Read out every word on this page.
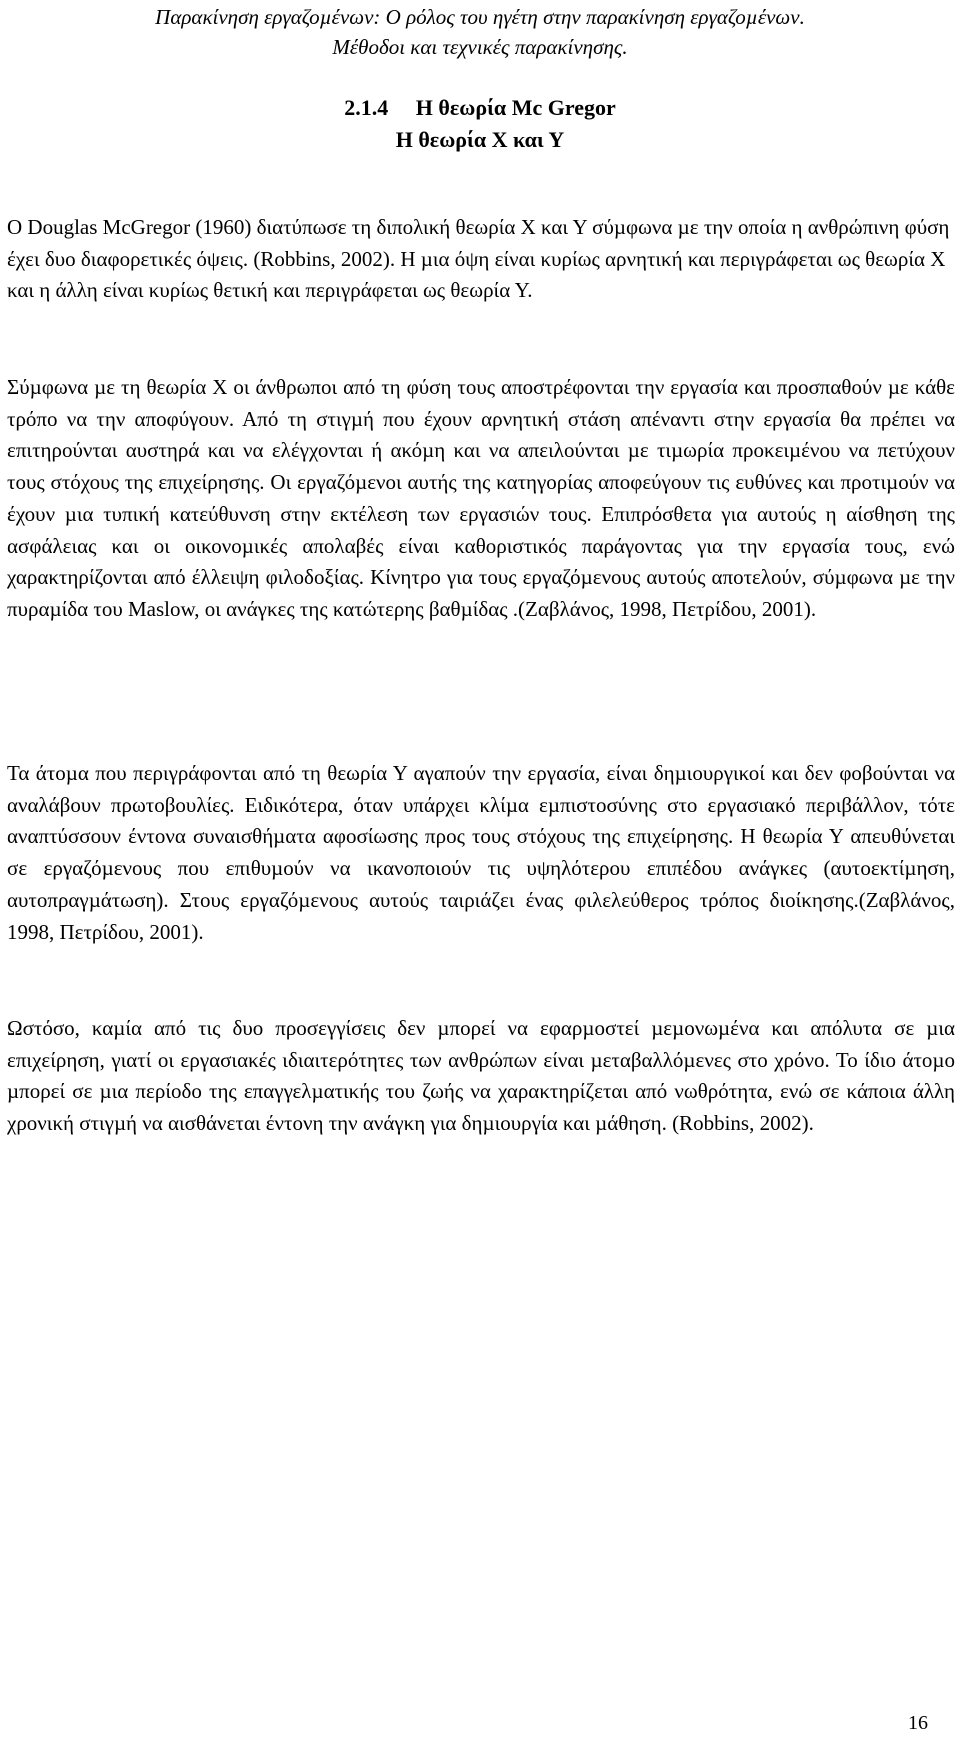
Παρακίνηση εργαζοµένων: Ο ρόλος του ηγέτη στην παρακίνηση εργαζοµένων.
Μέθοδοι και τεχνικές παρακίνησης.
2.1.4     Η θεωρία Mc Gregor
Η θεωρία Χ και Υ

Ο Douglas McGregor (1960) διατύπωσε τη διπολική θεωρία Χ και Υ σύµφωνα µε την οποία η ανθρώπινη φύση έχει δυο διαφορετικές όψεις. (Robbins, 2002). Η µια όψη είναι κυρίως αρνητική και περιγράφεται ως θεωρία Χ και η άλλη είναι κυρίως θετική και περιγράφεται ως θεωρία Υ.

Σύµφωνα µε τη θεωρία Χ οι άνθρωποι από τη φύση τους αποστρέφονται την εργασία και προσπαθούν µε κάθε τρόπο να την αποφύγουν. Από τη στιγµή που έχουν αρνητική στάση απέναντι στην εργασία θα πρέπει να επιτηρούνται αυστηρά και να ελέγχονται ή ακόµη και να απειλούνται µε τιµωρία προκειµένου να πετύχουν τους στόχους της επιχείρησης. Οι εργαζόµενοι αυτής της κατηγορίας αποφεύγουν τις ευθύνες και προτιµούν να έχουν µια τυπική κατεύθυνση στην εκτέλεση των εργασιών τους. Επιπρόσθετα για αυτούς η αίσθηση της ασφάλειας και οι οικονοµικές απολαβές είναι καθοριστικός παράγοντας για την εργασία τους, ενώ χαρακτηρίζονται από έλλειψη φιλοδοξίας. Κίνητρο για τους εργαζόµενους αυτούς αποτελούν, σύµφωνα µε την πυραµίδα του Maslow, οι ανάγκες της κατώτερης βαθµίδας .(Ζαβλάνος, 1998, Πετρίδου, 2001).

Τα άτοµα που περιγράφονται από τη θεωρία Υ αγαπούν την εργασία, είναι δηµιουργικοί και δεν φοβούνται να αναλάβουν πρωτοβουλίες. Ειδικότερα, όταν υπάρχει κλίµα εµπιστοσύνης στο εργασιακό περιβάλλον, τότε αναπτύσσουν έντονα συναισθήµατα αφοσίωσης προς τους στόχους της επιχείρησης. Η θεωρία Υ απευθύνεται σε εργαζόµενους που επιθυµούν να ικανοποιούν τις υψηλότερου επιπέδου ανάγκες (αυτοεκτίµηση, αυτοπραγµάτωση). Στους εργαζόµενους αυτούς ταιριάζει ένας φιλελεύθερος τρόπος διοίκησης.(Ζαβλάνος, 1998, Πετρίδου, 2001).

Ωστόσο, καµία από τις δυο προσεγγίσεις δεν µπορεί να εφαρµοστεί µεµονωµένα και απόλυτα σε µια επιχείρηση, γιατί οι εργασιακές ιδιαιτερότητες των ανθρώπων είναι µεταβαλλόµενες στο χρόνο. Το ίδιο άτοµο µπορεί σε µια περίοδο της επαγγελµατικής του ζωής να χαρακτηρίζεται από νωθρότητα, ενώ σε κάποια άλλη χρονική στιγµή να αισθάνεται έντονη την ανάγκη για δηµιουργία και µάθηση. (Robbins, 2002).

16
